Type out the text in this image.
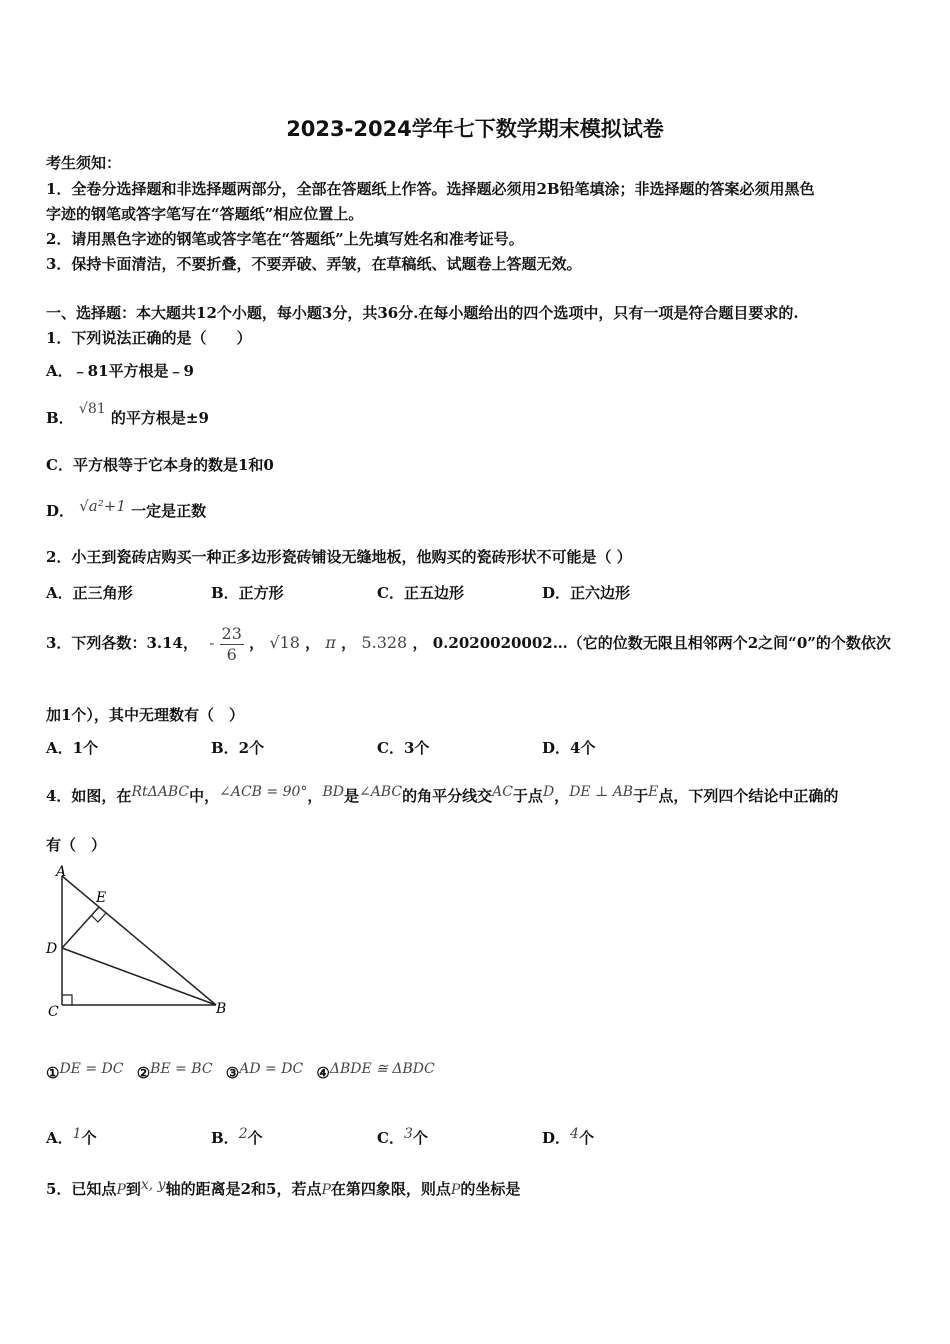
2023-2024学年七下数学期末模拟试卷
考生须知：
1．全卷分选择题和非选择题两部分，全部在答题纸上作答。选择题必须用2B铅笔填涂；非选择题的答案必须用黑色
字迹的钢笔或答字笔写在“答题纸”相应位置上。
2．请用黑色字迹的钢笔或答字笔在“答题纸”上先填写姓名和准考证号。
3．保持卡面清洁，不要折叠，不要弄破、弄皱，在草稿纸、试题卷上答题无效。
一、选择题：本大题共12个小题，每小题3分，共36分.在每小题给出的四个选项中，只有一项是符合题目要求的.
1．下列说法正确的是（　　）
A．﹣81平方根是﹣9
B． √81 的平方根是±9
C．平方根等于它本身的数是1和0
D． √a²+1 一定是正数
2．小王到瓷砖店购买一种正多边形瓷砖铺设无缝地板，他购买的瓷砖形状不可能是（ ）
A．正三角形	B．正方形	C．正五边形	D．正六边形
3．下列各数：3.14， - $\frac{23}{6}$ ， √18 ， π ， 5.328 ， 0.2020020002…（它的位数无限且相邻两个2之间“0”的个数依次
加1个），其中无理数有（　）
A．1个	B．2个	C．3个	D．4个
4．如图，在RtΔABC中，∠ACB = 90°，BD是∠ABC的角平分线交AC于点D，DE ⊥ AB于E点，下列四个结论中正确的
有（　）
A
E
D
C	B
①DE = DC ②BE = BC ③AD = DC ④ΔBDE ≅ ΔBDC
A．1个	B．2个	C．3个	D．4个
5．已知点P到x, y轴的距离是2和5，若点P在第四象限，则点P的坐标是
